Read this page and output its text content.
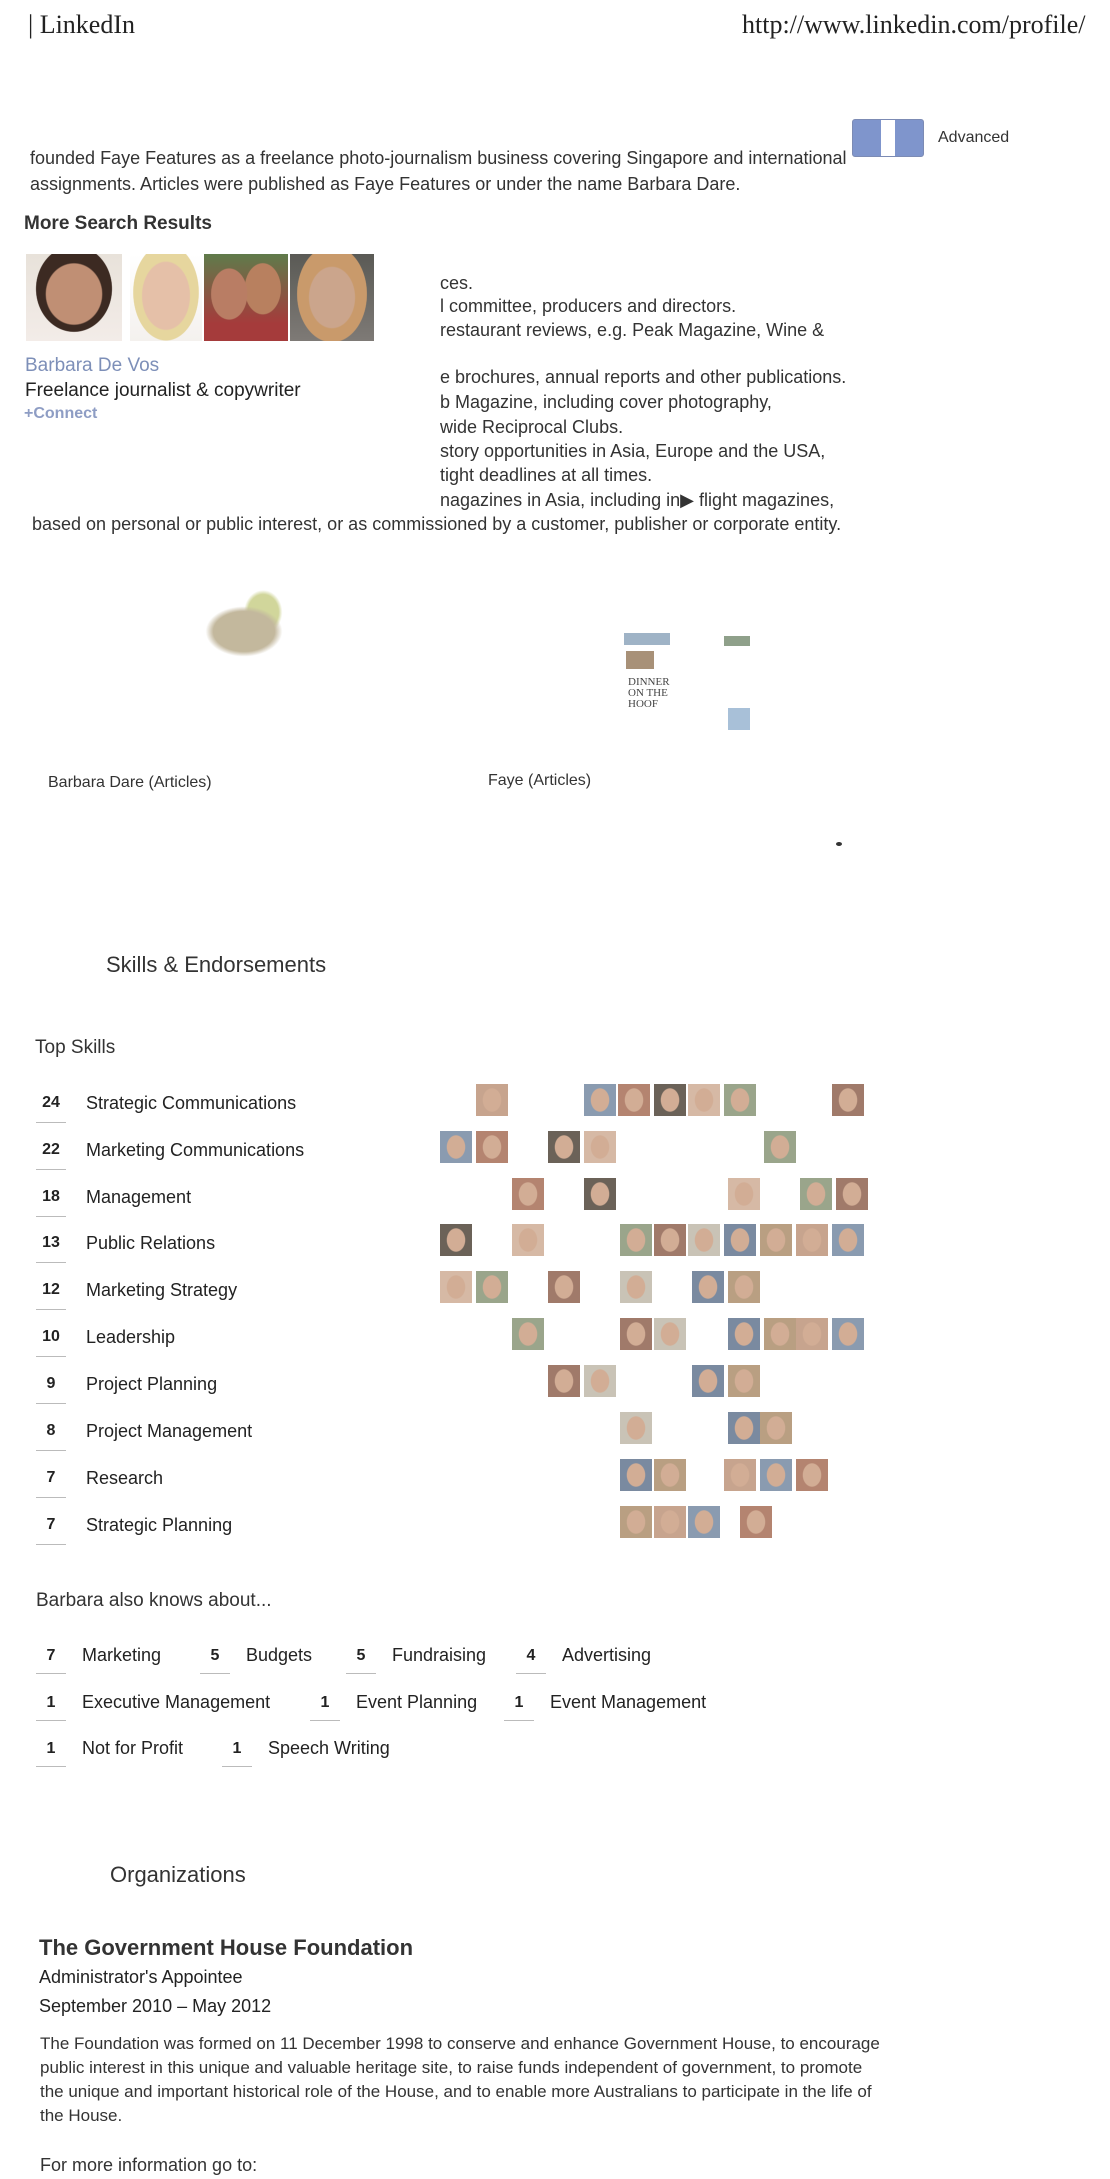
| LinkedIn	http://www.linkedin.com/profile/
Advanced
founded Faye Features as a freelance photo-journalism business covering Singapore and international
assignments. Articles were published as Faye Features or under the name Barbara Dare.
More Search Results
Barbara De Vos
Freelance journalist & copywriter
+Connect
ces.
l committee, producers and directors.
restaurant reviews, e.g. Peak Magazine, Wine &
e brochures, annual reports and other publications.
b Magazine, including cover photography,
wide Reciprocal Clubs.
story opportunities in Asia, Europe and the USA,
tight deadlines at all times.
nagazines in Asia, including in▶ flight magazines,
based on personal or public interest, or as commissioned by a customer, publisher or corporate entity.
DINNER ON THE HOOF
Barbara Dare (Articles)	Faye (Articles)
Skills & Endorsements
Top Skills
24	Strategic Communications
22	Marketing Communications
18	Management
13	Public Relations
12	Marketing Strategy
10	Leadership
9	Project Planning
8	Project Management
7	Research
7	Strategic Planning
Barbara also knows about...
7	Marketing	5	Budgets	5	Fundraising	4	Advertising
1	Executive Management	1	Event Planning	1	Event Management
1	Not for Profit	1	Speech Writing
Organizations
The Government House Foundation
Administrator's Appointee
September 2010 – May 2012
The Foundation was formed on 11 December 1998 to conserve and enhance Government House, to encourage public interest in this unique and valuable heritage site, to raise funds independent of government, to promote the unique and important historical role of the House, and to enable more Australians to participate in the life of the House.
For more information go to:
